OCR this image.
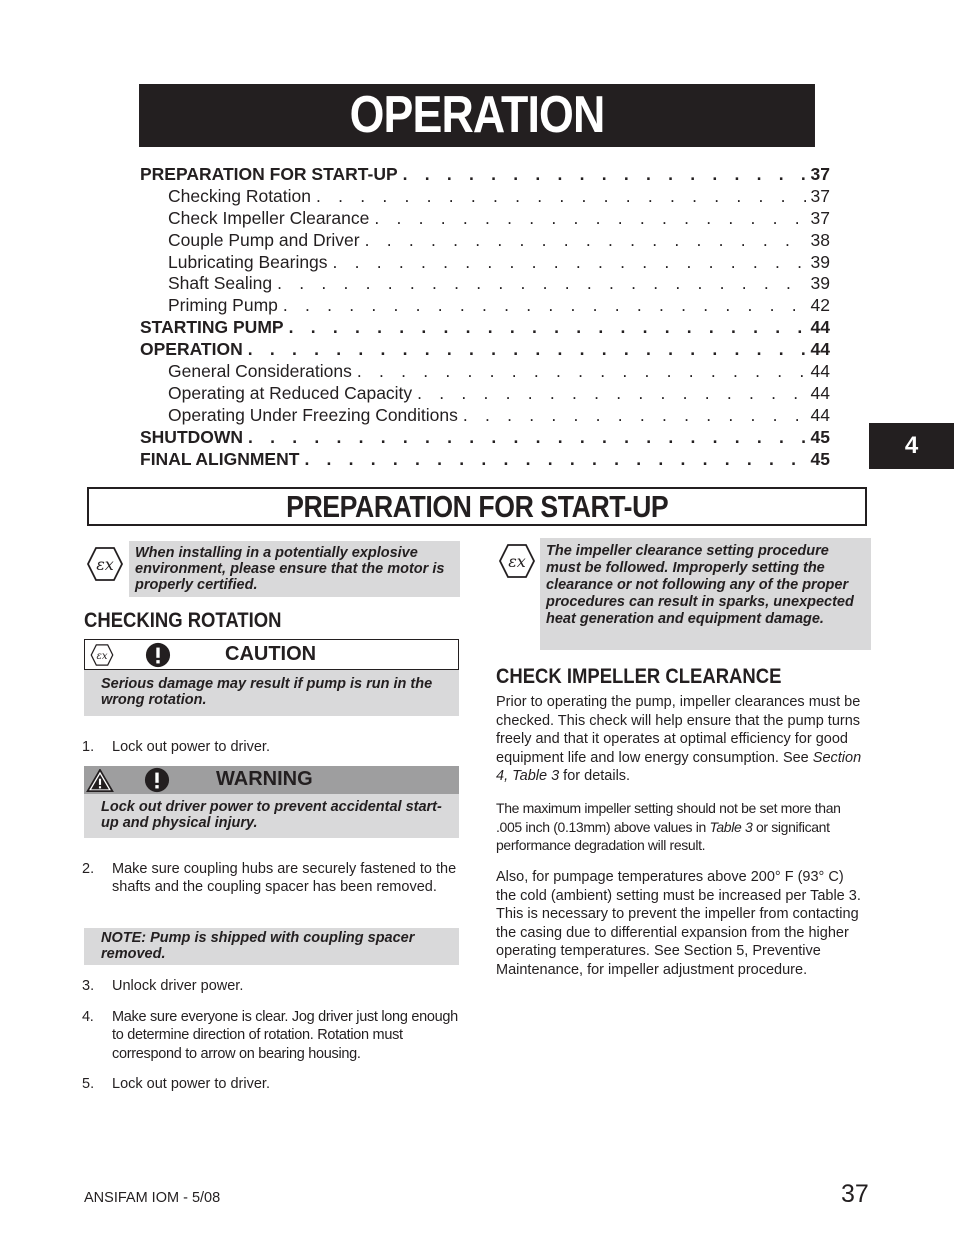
OPERATION
PREPARATION FOR START-UP . . .	37
Checking Rotation . . .	37
Check Impeller Clearance . . .	37
Couple Pump and Driver . . .	38
Lubricating Bearings . . .	39
Shaft Sealing . . .	39
Priming Pump . . .	42
STARTING PUMP . . .	44
OPERATION . . .	44
General Considerations . . .	44
Operating at Reduced Capacity . . .	44
Operating Under Freezing Conditions . . .	44
SHUTDOWN . . .	45
FINAL ALIGNMENT . . .	45	4
PREPARATION FOR START-UP
εx
When installing in a potentially explosive environment, please ensure that the motor is properly certified.
CHECKING ROTATION
εx	CAUTION
Serious damage may result if pump is run in the wrong rotation.
1. Lock out power to driver.
WARNING
Lock out driver power to prevent accidental start-up and physical injury.
2. Make sure coupling hubs are securely fastened to the shafts and the coupling spacer has been removed.
NOTE: Pump is shipped with coupling spacer removed.
3. Unlock driver power.
4. Make sure everyone is clear. Jog driver just long enough to determine direction of rotation. Rotation must correspond to arrow on bearing housing.
5. Lock out power to driver.
εx
The impeller clearance setting procedure must be followed. Improperly setting the clearance or not following any of the proper procedures can result in sparks, unexpected heat generation and equipment damage.
CHECK IMPELLER CLEARANCE
Prior to operating the pump, impeller clearances must be checked. This check will help ensure that the pump turns freely and that it operates at optimal efficiency for good equipment life and low energy consumption. See Section 4, Table 3 for details.
The maximum impeller setting should not be set more than .005 inch (0.13mm) above values in Table 3 or significant performance degradation will result.
Also, for pumpage temperatures above 200° F (93° C) the cold (ambient) setting must be increased per Table 3. This is necessary to prevent the impeller from contacting the casing due to differential expansion from the higher operating temperatures. See Section 5, Preventive Maintenance, for impeller adjustment procedure.
ANSIFAM IOM - 5/08	37
